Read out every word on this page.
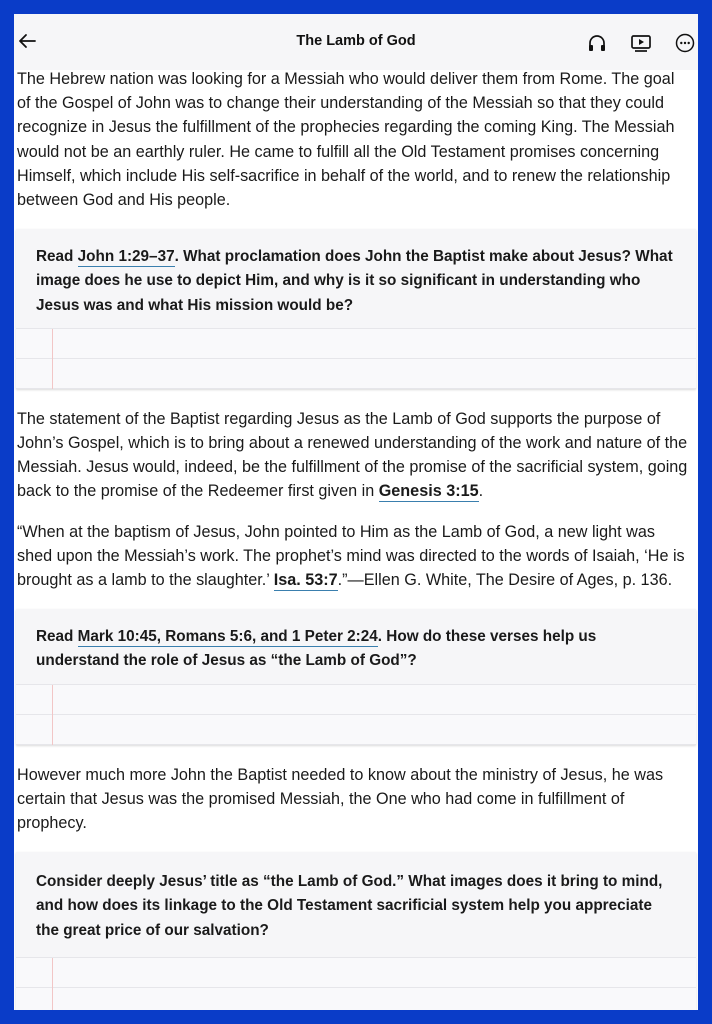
The Lamb of God

The Hebrew nation was looking for a Messiah who would deliver them from Rome. The goal of the Gospel of John was to change their understanding of the Messiah so that they could recognize in Jesus the fulfillment of the prophecies regarding the coming King. The Messiah would not be an earthly ruler. He came to fulfill all the Old Testament promises concerning Himself, which include His self-sacrifice in behalf of the world, and to renew the relationship between God and His people.

Read John 1:29–37. What proclamation does John the Baptist make about Jesus? What image does he use to depict Him, and why is it so significant in understanding who Jesus was and what His mission would be?

The statement of the Baptist regarding Jesus as the Lamb of God supports the purpose of John’s Gospel, which is to bring about a renewed understanding of the work and nature of the Messiah. Jesus would, indeed, be the fulfillment of the promise of the sacrificial system, going back to the promise of the Redeemer first given in Genesis 3:15.

“When at the baptism of Jesus, John pointed to Him as the Lamb of God, a new light was shed upon the Messiah’s work. The prophet’s mind was directed to the words of Isaiah, ‘He is brought as a lamb to the slaughter.’ Isa. 53:7.”—Ellen G. White, The Desire of Ages, p. 136.

Read Mark 10:45, Romans 5:6, and 1 Peter 2:24. How do these verses help us understand the role of Jesus as “the Lamb of God”?

However much more John the Baptist needed to know about the ministry of Jesus, he was certain that Jesus was the promised Messiah, the One who had come in fulfillment of prophecy.

Consider deeply Jesus’ title as “the Lamb of God.” What images does it bring to mind, and how does its linkage to the Old Testament sacrificial system help you appreciate the great price of our salvation?
